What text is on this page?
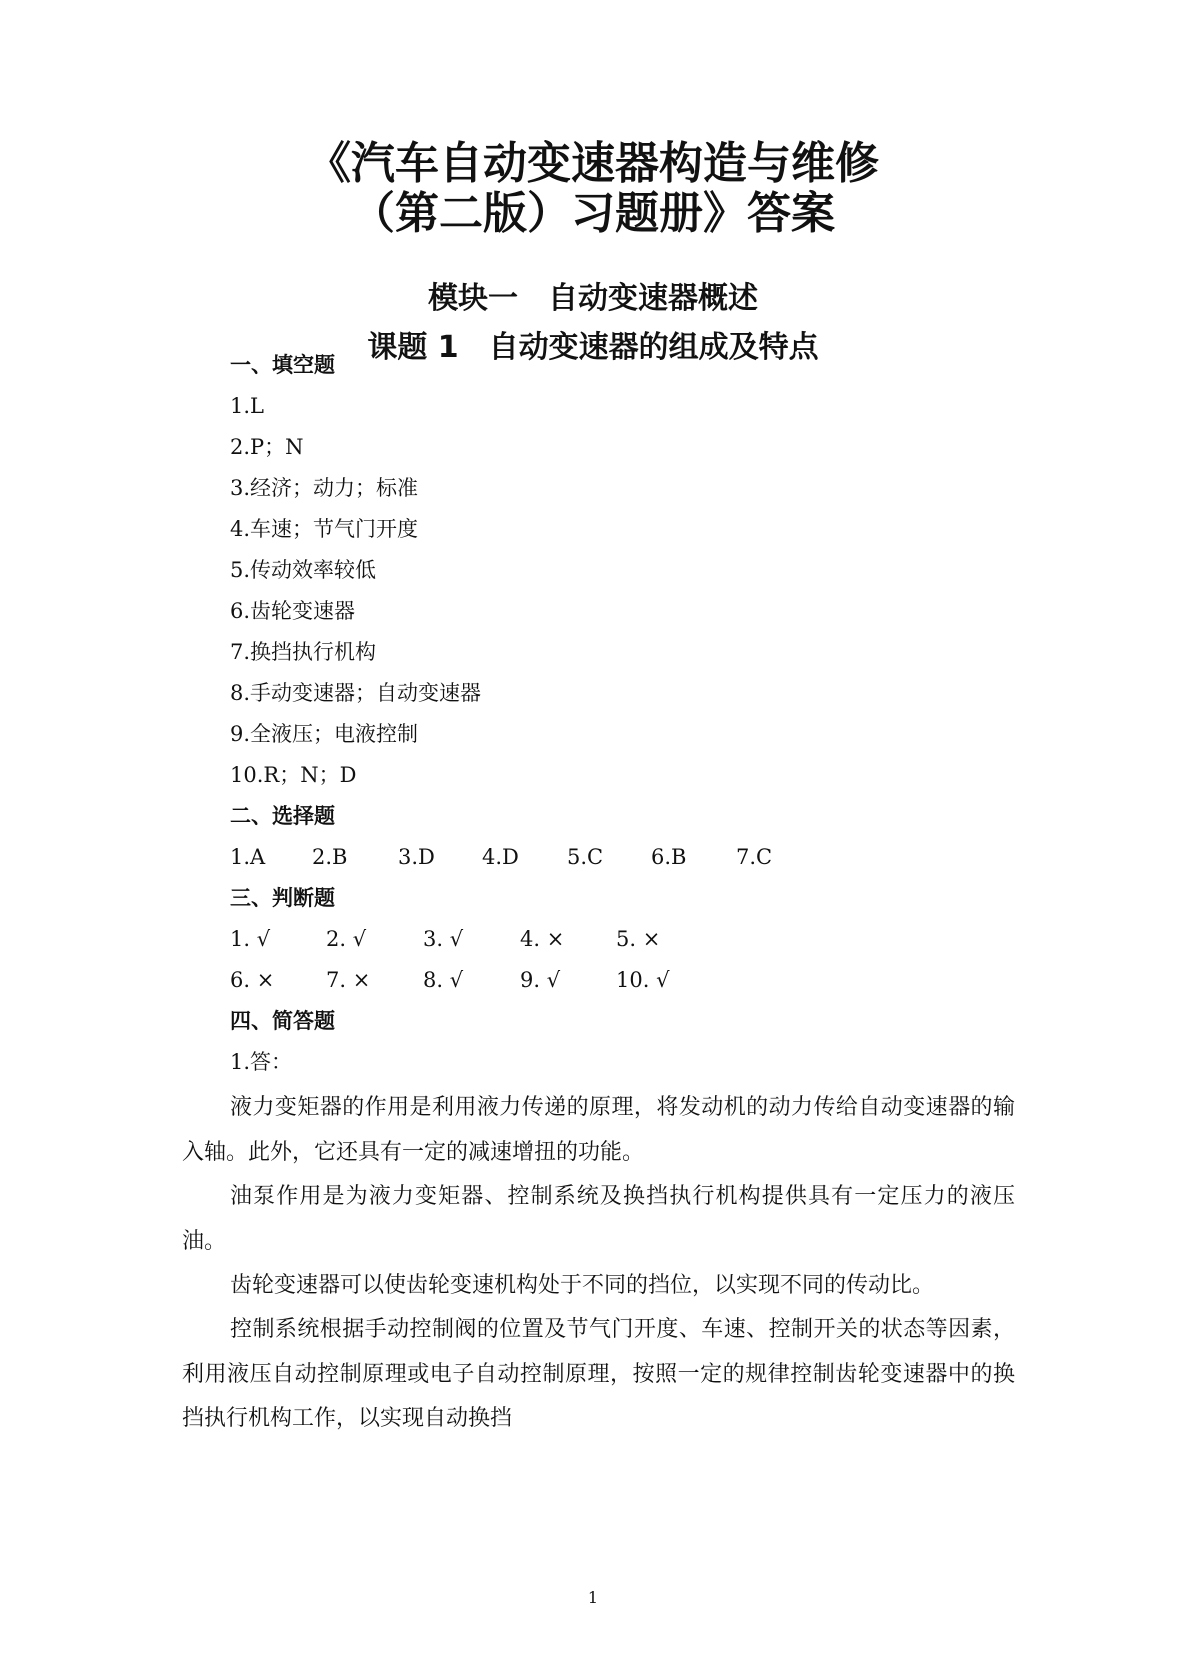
《汽车自动变速器构造与维修
（第二版）习题册》答案
模块一　自动变速器概述
课题 1　自动变速器的组成及特点
一、填空题
1.L
2.P；N
3.经济；动力；标准
4.车速；节气门开度
5.传动效率较低
6.齿轮变速器
7.换挡执行机构
8.手动变速器；自动变速器
9.全液压；电液控制
10.R；N；D
二、选择题
1.A 2.B 3.D 4.D 5.C 6.B 7.C
三、判断题
1. √	2. √	3. √	4. × 5. ×
6. × 7. ×	8. √	9. √	10. √
四、简答题
1.答：
液力变矩器的作用是利用液力传递的原理，将发动机的动力传给自动变速器的输入轴。此外，它还具有一定的减速增扭的功能。
油泵作用是为液力变矩器、控制系统及换挡执行机构提供具有一定压力的液压油。
齿轮变速器可以使齿轮变速机构处于不同的挡位，以实现不同的传动比。
控制系统根据手动控制阀的位置及节气门开度、车速、控制开关的状态等因素，利用液压自动控制原理或电子自动控制原理，按照一定的规律控制齿轮变速器中的换挡执行机构工作，以实现自动换挡
1
